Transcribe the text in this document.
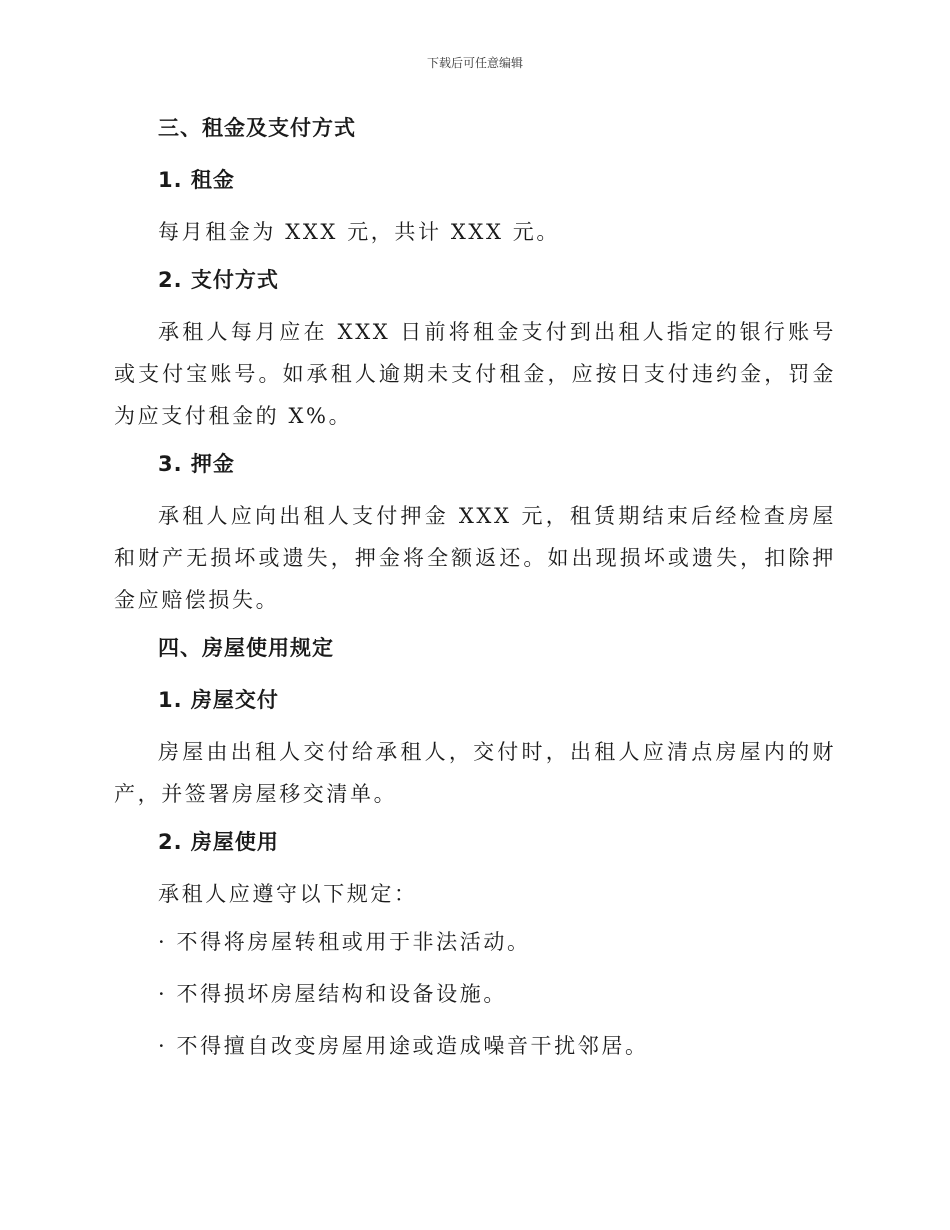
下载后可任意编辑
三、租金及支付方式
1. 租金

每月租金为 XXX 元，共计 XXX 元。

2. 支付方式

承租人每月应在 XXX 日前将租金支付到出租人指定的银行账号或支付宝账号。如承租人逾期未支付租金，应按日支付违约金，罚金为应支付租金的 X%。

3. 押金

承租人应向出租人支付押金 XXX 元，租赁期结束后经检查房屋和财产无损坏或遗失，押金将全额返还。如出现损坏或遗失，扣除押金应赔偿损失。

四、房屋使用规定
1. 房屋交付

房屋由出租人交付给承租人，交付时，出租人应清点房屋内的财产，并签署房屋移交清单。

2. 房屋使用

承租人应遵守以下规定：

· 不得将房屋转租或用于非法活动。
· 不得损坏房屋结构和设备设施。
· 不得擅自改变房屋用途或造成噪音干扰邻居。
